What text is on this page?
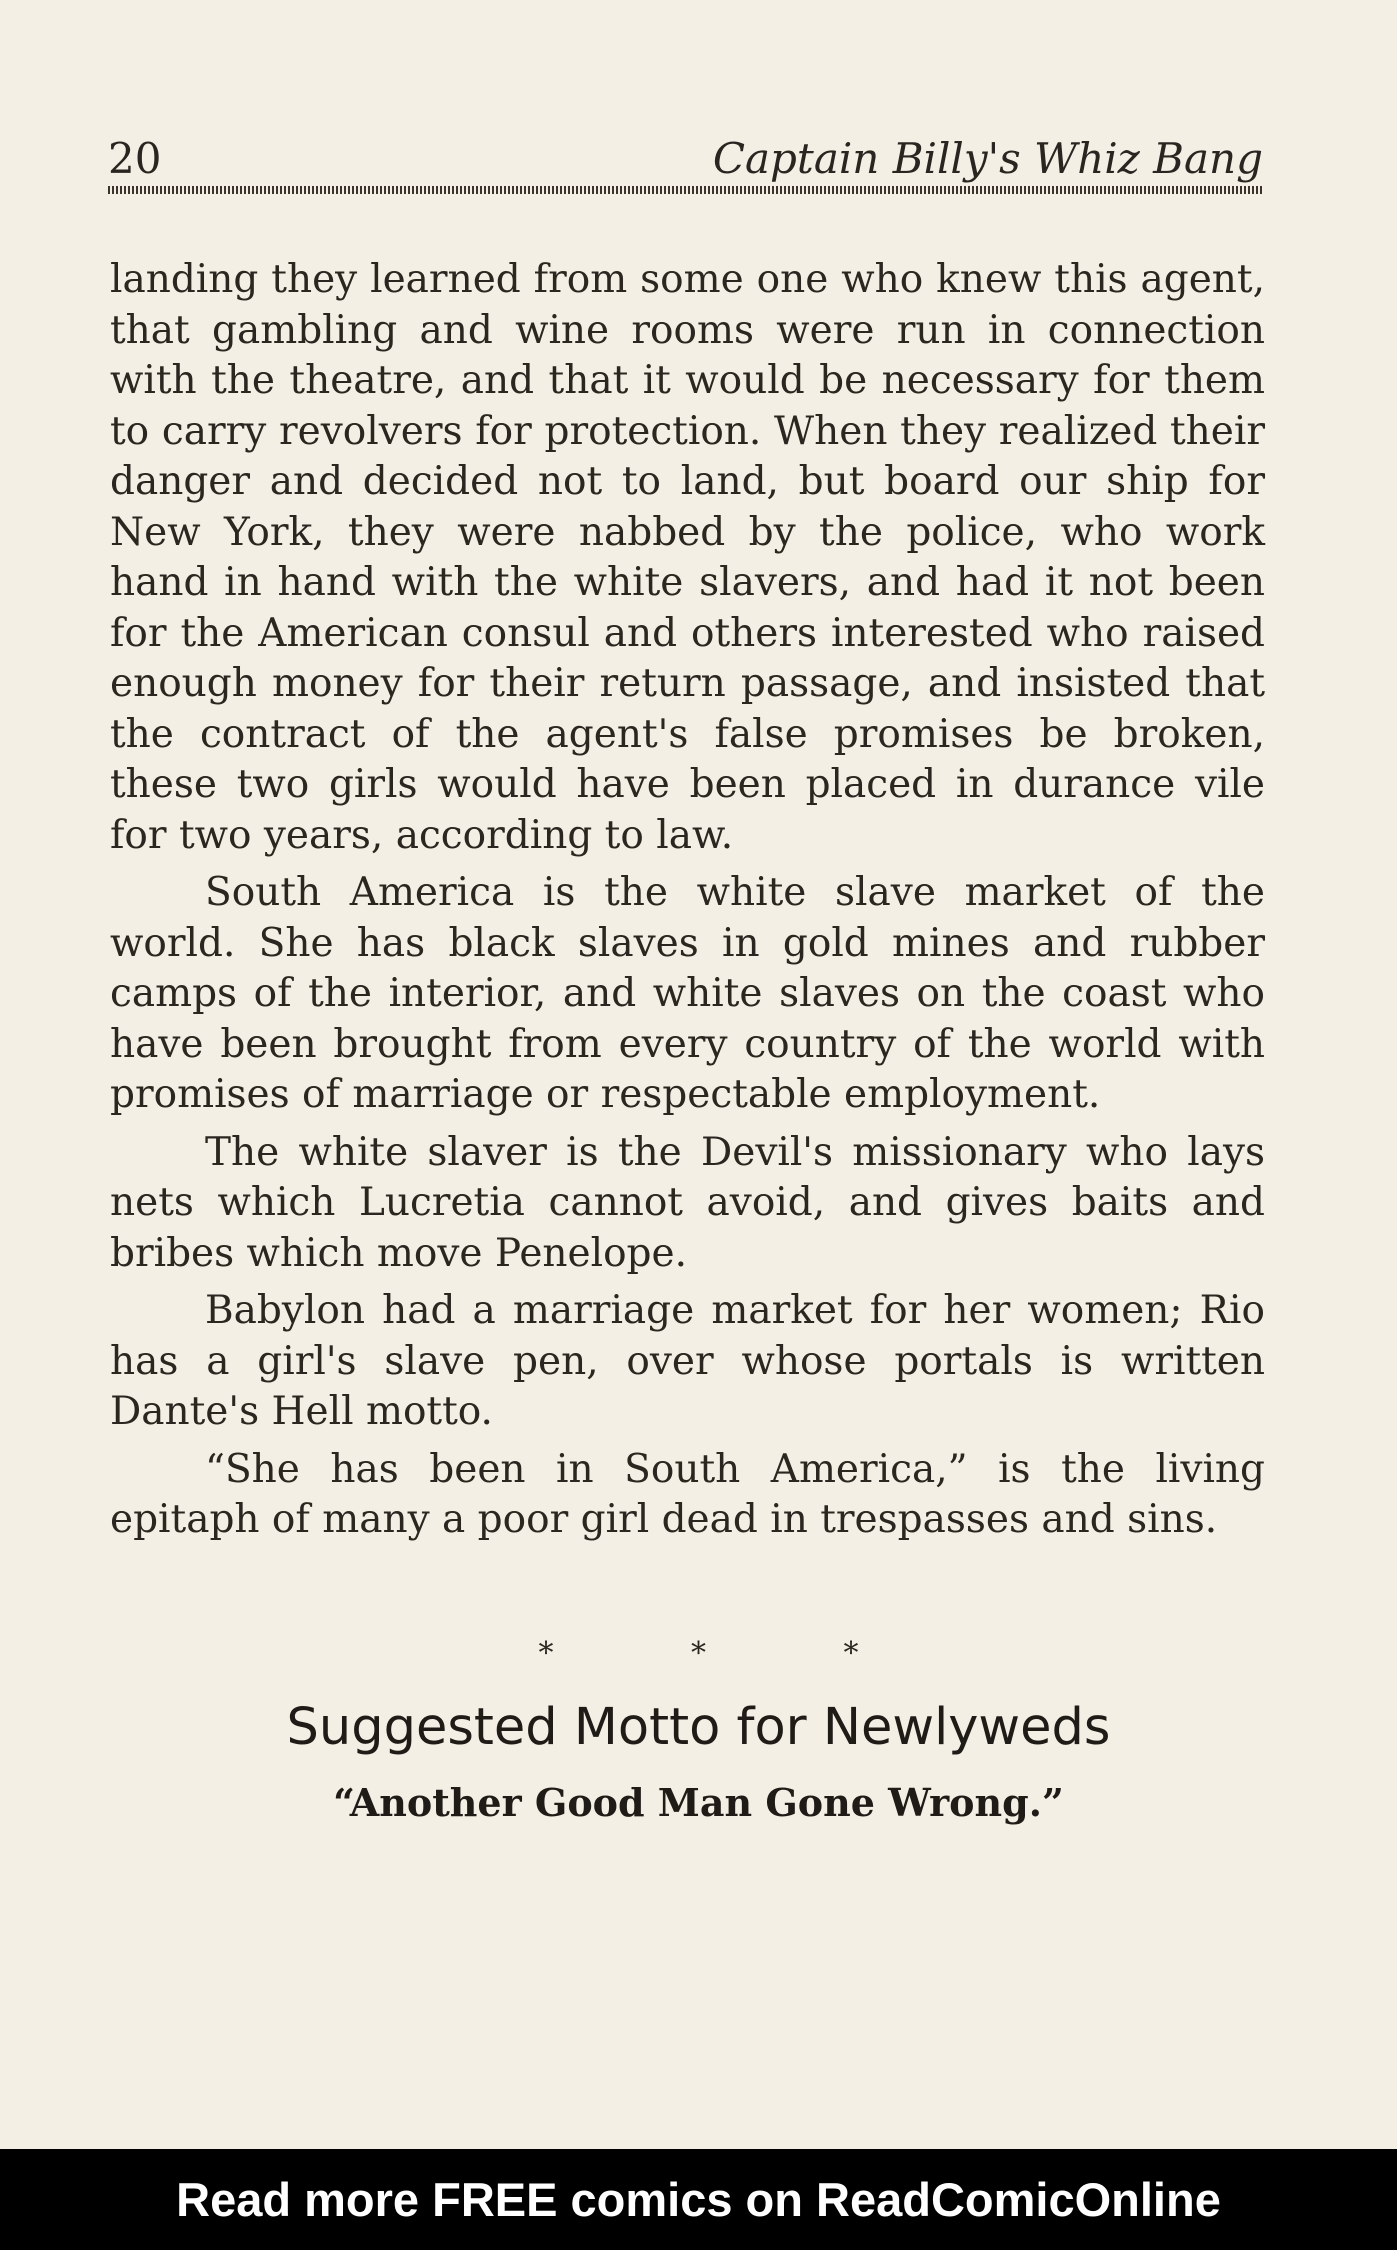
20	Captain Billy's Whiz Bang

landing they learned from some one who knew this agent, that gambling and wine rooms were run in connection with the theatre, and that it would be necessary for them to carry revolvers for protection. When they realized their danger and decided not to land, but board our ship for New York, they were nabbed by the police, who work hand in hand with the white slavers, and had it not been for the American consul and others interested who raised enough money for their return passage, and insisted that the contract of the agent's false promises be broken, these two girls would have been placed in durance vile for two years, according to law.

South America is the white slave market of the world. She has black slaves in gold mines and rubber camps of the interior, and white slaves on the coast who have been brought from every country of the world with promises of marriage or respectable employment.

The white slaver is the Devil's missionary who lays nets which Lucretia cannot avoid, and gives baits and bribes which move Penelope.

Babylon had a marriage market for her women; Rio has a girl's slave pen, over whose portals is written Dante's Hell motto.

“She has been in South America,” is the living epitaph of many a poor girl dead in trespasses and sins.

* * *
Suggested Motto for Newlyweds
“Another Good Man Gone Wrong.”
Read more FREE comics on ReadComicOnline
